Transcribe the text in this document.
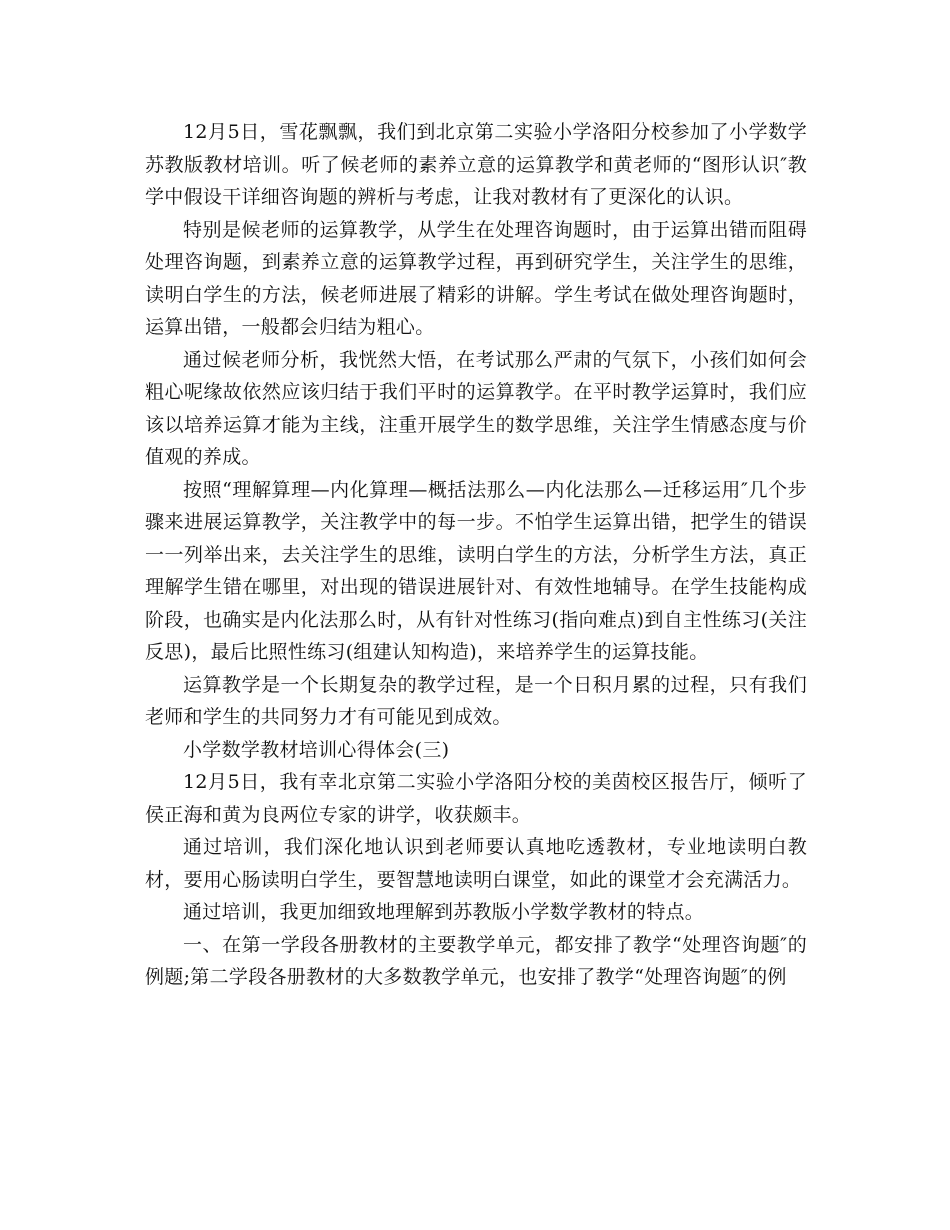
12月5日，雪花飘飘，我们到北京第二实验小学洛阳分校参加了小学数学苏教版教材培训。听了候老师的素养立意的运算教学和黄老师的“图形认识″教学中假设干详细咨询题的辨析与考虑，让我对教材有了更深化的认识。

特别是候老师的运算教学，从学生在处理咨询题时，由于运算出错而阻碍处理咨询题，到素养立意的运算教学过程，再到研究学生，关注学生的思维，读明白学生的方法，候老师进展了精彩的讲解。学生考试在做处理咨询题时，运算出错，一般都会归结为粗心。

通过候老师分析，我恍然大悟，在考试那么严肃的气氛下，小孩们如何会粗心呢缘故依然应该归结于我们平时的运算教学。在平时教学运算时，我们应该以培养运算才能为主线，注重开展学生的数学思维，关注学生情感态度与价值观的养成。

按照“理解算理—内化算理—概括法那么—内化法那么—迁移运用″几个步骤来进展运算教学，关注教学中的每一步。不怕学生运算出错，把学生的错误一一列举出来，去关注学生的思维，读明白学生的方法，分析学生方法，真正理解学生错在哪里，对出现的错误进展针对、有效性地辅导。在学生技能构成阶段，也确实是内化法那么时，从有针对性练习(指向难点)到自主性练习(关注反思)，最后比照性练习(组建认知构造)，来培养学生的运算技能。

运算教学是一个长期复杂的教学过程，是一个日积月累的过程，只有我们老师和学生的共同努力才有可能见到成效。

小学数学教材培训心得体会(三)

12月5日，我有幸北京第二实验小学洛阳分校的美茵校区报告厅，倾听了侯正海和黄为良两位专家的讲学，收获颇丰。

通过培训，我们深化地认识到老师要认真地吃透教材，专业地读明白教材，要用心肠读明白学生，要智慧地读明白课堂，如此的课堂才会充满活力。

通过培训，我更加细致地理解到苏教版小学数学教材的特点。

一、在第一学段各册教材的主要教学单元，都安排了教学“处理咨询题″的例题;第二学段各册教材的大多数教学单元，也安排了教学“处理咨询题″的例
